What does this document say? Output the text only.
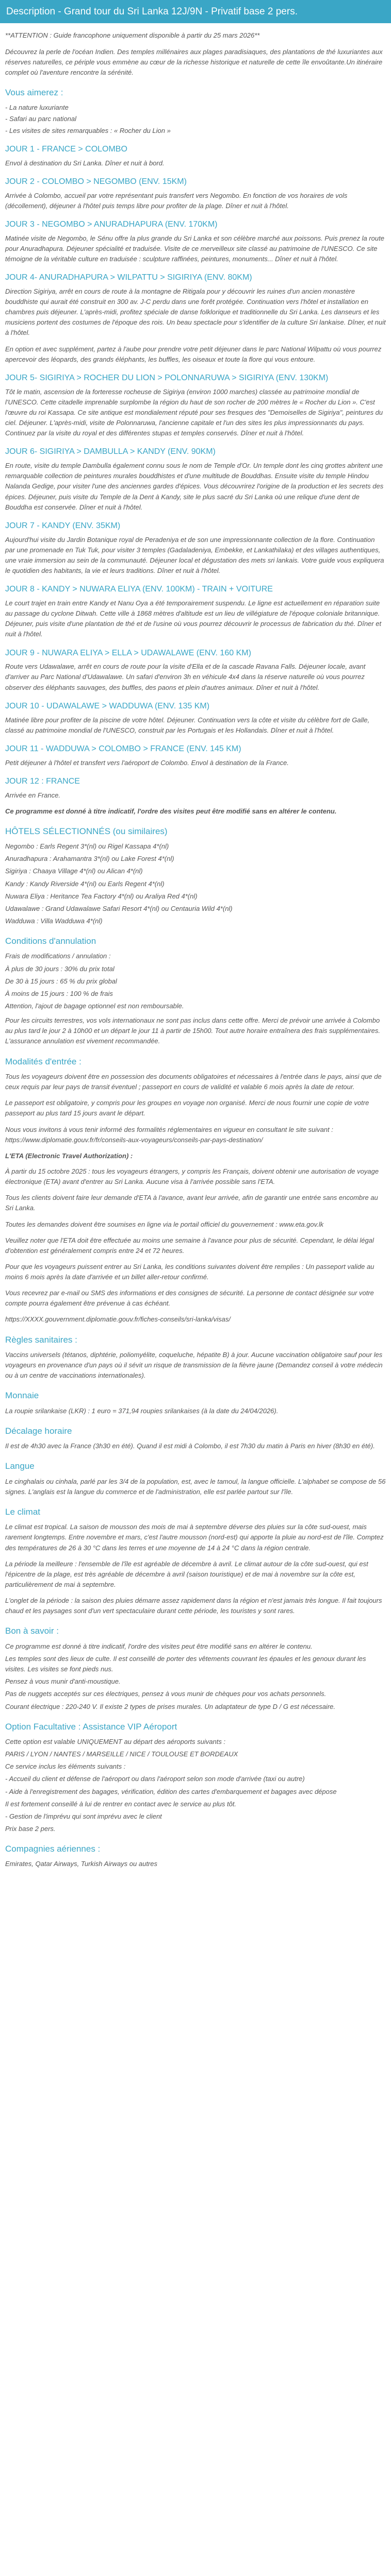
Description - Grand tour du Sri Lanka 12J/9N - Privatif base 2 pers.

**ATTENTION : Guide francophone uniquement disponible à partir du 25 mars 2026**

Découvrez la perle de l'océan Indien. Des temples millénaires aux plages paradisiaques, des plantations de thé luxuriantes aux réserves naturelles, ce périple vous emmène au cœur de la richesse historique et naturelle de cette île envoûtante.Un itinéraire complet où l'aventure rencontre la sérénité.

Vous aimerez :
- La nature luxuriante
- Safari au parc national
- Les visites de sites remarquables : « Rocher du Lion »
JOUR 1 - FRANCE > COLOMBO

Envol à destination du Sri Lanka. Dîner et nuit à bord.

JOUR 2 - COLOMBO > NEGOMBO (ENV. 15KM)

Arrivée à Colombo, accueil par votre représentant puis transfert vers Negombo. En fonction de vos horaires de vols (décollement), déjeuner à l'hôtel puis temps libre pour profiter de la plage. Dîner et nuit à l'hôtel.

JOUR 3 - NEGOMBO > ANURADHAPURA (ENV. 170KM)

Matinée visite de Negombo, le Sénu offre la plus grande du Sri Lanka et son célèbre marché aux poissons. Puis prenez la route pour Anuradhapura. Déjeuner spécialité et traduisée. Visite de ce merveilleux site classé au patrimoine de l'UNESCO. Ce site témoigne de la véritable culture en traduisée : sculpture raffinées, peintures, monuments... Dîner et nuit à l'hôtel.

JOUR 4- ANURADHAPURA > WILPATTU > SIGIRIYA (ENV. 80KM)

Direction Sigiriya, arrêt en cours de route à la montagne de Ritigala pour y découvrir les ruines d'un ancien monastère bouddhiste qui aurait été construit en 300 av. J-C perdu dans une forêt protégée. Continuation vers l'hôtel et installation en chambres puis déjeuner. L'après-midi, profitez spéciale de danse folklorique et traditionnelle du Sri Lanka. Les danseurs et les musiciens portent des costumes de l'époque des rois. Un beau spectacle pour s'identifier de la culture Sri lankaise. Dîner, et nuit à l'hôtel.

En option et avec supplément, partez à l'aube pour prendre votre petit déjeuner dans le parc National Wilpattu où vous pourrez apercevoir des léopards, des grands éléphants, les buffles, les oiseaux et toute la flore qui vous entoure.

JOUR 5- SIGIRIYA > ROCHER DU LION > POLONNARUWA > SIGIRIYA (ENV. 130KM)

Tôt le matin, ascension de la forteresse rocheuse de Sigiriya (environ 1000 marches) classée au patrimoine mondial de l'UNESCO. Cette citadelle imprenable surplombe la région du haut de son rocher de 200 mètres le « Rocher du Lion ». C'est l'œuvre du roi Kassapa. Ce site antique est mondialement réputé pour ses fresques des "Demoiselles de Sigiriya", peintures du ciel. Déjeuner. L'après-midi, visite de Polonnaruwa, l'ancienne capitale et l'un des sites les plus impressionnants du pays. Continuez par la visite du royal et des différentes stupas et temples conservés. Dîner et nuit à l'hôtel.

JOUR 6- SIGIRIYA > DAMBULLA > KANDY (ENV. 90KM)

En route, visite du temple Dambulla également connu sous le nom de Temple d'Or. Un temple dont les cinq grottes abritent une remarquable collection de peintures murales bouddhistes et d'une multitude de Bouddhas. Ensuite visite du temple Hindou Nalanda Gedige, pour visiter l'une des anciennes gardes d'épices. Vous découvrirez l'origine de la production et les secrets des épices. Déjeuner, puis visite du Temple de la Dent à Kandy, site le plus sacré du Sri Lanka où une relique d'une dent de Bouddha est conservée. Dîner et nuit à l'hôtel.

JOUR 7 - KANDY (ENV. 35KM)

Aujourd'hui visite du Jardin Botanique royal de Peradeniya et de son une impressionnante collection de la flore. Continuation par une promenade en Tuk Tuk, pour visiter 3 temples (Gadaladeniya, Embekke, et Lankathilaka) et des villages authentiques, une vraie immersion au sein de la communauté. Déjeuner local et dégustation des mets sri lankais. Votre guide vous expliquera le quotidien des habitants, la vie et leurs traditions. Dîner et nuit à l'hôtel.

JOUR 8 - KANDY > NUWARA ELIYA (ENV. 100KM) - TRAIN + VOITURE

Le court trajet en train entre Kandy et Nanu Oya a été temporairement suspendu. Le ligne est actuellement en réparation suite au passage du cyclone Ditwah. Cette ville à 1868 mètres d'altitude est un lieu de villégiature de l'époque coloniale britannique. Déjeuner, puis visite d'une plantation de thé et de l'usine où vous pourrez découvrir le processus de fabrication du thé. Dîner et nuit à l'hôtel.

JOUR 9 - NUWARA ELIYA > ELLA > UDAWALAWE (ENV. 160 KM)

Route vers Udawalawe, arrêt en cours de route pour la visite d'Ella et de la cascade Ravana Falls. Déjeuner locale, avant d'arriver au Parc National d'Udawalawe. Un safari d'environ 3h en véhicule 4x4 dans la réserve naturelle où vous pourrez observer des éléphants sauvages, des buffles, des paons et plein d'autres animaux. Dîner et nuit à l'hôtel.

JOUR 10 - UDAWALAWE > WADDUWA (ENV. 135 KM)

Matinée libre pour profiter de la piscine de votre hôtel. Déjeuner. Continuation vers la côte et visite du célèbre fort de Galle, classé au patrimoine mondial de l'UNESCO, construit par les Portugais et les Hollandais. Dîner et nuit à l'hôtel.

JOUR 11 - WADDUWA > COLOMBO > FRANCE (ENV. 145 KM)

Petit déjeuner à l'hôtel et transfert vers l'aéroport de Colombo. Envol à destination de la France.

JOUR 12 : FRANCE

Arrivée en France.

Ce programme est donné à titre indicatif, l'ordre des visites peut être modifié sans en altérer le contenu.

HÔTELS SÉLECTIONNÉS (ou similaires)
Negombo : Earls Regent 3*(nl) ou Rigel Kassapa 4*(nl)
Anuradhapura : Arahamantra 3*(nl) ou Lake Forest 4*(nl)
Sigiriya : Chaaya Village 4*(nl) ou Alican 4*(nl)
Kandy : Kandy Riverside 4*(nl) ou Earls Regent 4*(nl)
Nuwara Eliya : Heritance Tea Factory 4*(nl) ou Araliya Red 4*(nl)
Udawalawe : Grand Udawalawe Safari Resort 4*(nl) ou Centauria Wild 4*(nl)
Wadduwa : Villa Wadduwa 4*(nl)
Conditions d'annulation
Frais de modifications / annulation :
À plus de 30 jours : 30% du prix total
De 30 à 15 jours : 65 % du prix global
À moins de 15 jours : 100 % de frais
Attention, l'ajout de bagage optionnel est non remboursable.

Pour les circuits terrestres, vos vols internationaux ne sont pas inclus dans cette offre. Merci de prévoir une arrivée à Colombo au plus tard le jour 2 à 10h00 et un départ le jour 11 à partir de 15h00. Tout autre horaire entraînera des frais supplémentaires. L'assurance annulation est vivement recommandée.

Modalités d'entrée :

Tous les voyageurs doivent être en possession des documents obligatoires et nécessaires à l'entrée dans le pays, ainsi que de ceux requis par leur pays de transit éventuel ; passeport en cours de validité et valable 6 mois après la date de retour.

Le passeport est obligatoire, y compris pour les groupes en voyage non organisé. Merci de nous fournir une copie de votre passeport au plus tard 15 jours avant le départ.

Nous vous invitons à vous tenir informé des formalités réglementaires en vigueur en consultant le site suivant : https://www.diplomatie.gouv.fr/fr/conseils-aux-voyageurs/conseils-par-pays-destination/

L'ETA (Electronic Travel Authorization) :

À partir du 15 octobre 2025 : tous les voyageurs étrangers, y compris les Français, doivent obtenir une autorisation de voyage électronique (ETA) avant d'entrer au Sri Lanka. Aucune visa à l'arrivée possible sans l'ETA.

Tous les clients doivent faire leur demande d'ETA à l'avance, avant leur arrivée, afin de garantir une entrée sans encombre au Sri Lanka.

Toutes les demandes doivent être soumises en ligne via le portail officiel du gouvernement : www.eta.gov.lk

Veuillez noter que l'ETA doit être effectuée au moins une semaine à l'avance pour plus de sécurité. Cependant, le délai légal d'obtention est généralement compris entre 24 et 72 heures.

Pour que les voyageurs puissent entrer au Sri Lanka, les conditions suivantes doivent être remplies : Un passeport valide au moins 6 mois après la date d'arrivée et un billet aller-retour confirmé.

Vous recevrez par e-mail ou SMS des informations et des consignes de sécurité. La personne de contact désignée sur votre compte pourra également être prévenue à cas échéant.

https://XXXX.gouvernment.diplomatie.gouv.fr/fiches-conseils/sri-lanka/visas/

Règles sanitaires :

Vaccins universels (tétanos, diphtérie, poliomyélite, coqueluche, hépatite B) à jour. Aucune vaccination obligatoire sauf pour les voyageurs en provenance d'un pays où il sévit un risque de transmission de la fièvre jaune (Demandez conseil à votre médecin ou à un centre de vaccinations internationales).

Monnaie

La roupie srilankaise (LKR) : 1 euro = 371,94 roupies srilankaises (à la date du 24/04/2026).

Décalage horaire

Il est de 4h30 avec la France (3h30 en été). Quand il est midi à Colombo, il est 7h30 du matin à Paris en hiver (8h30 en été).

Langue

Le cinghalais ou cinhala, parlé par les 3/4 de la population, est, avec le tamoul, la langue officielle. L'alphabet se compose de 56 signes. L'anglais est la langue du commerce et de l'administration, elle est parlée partout sur l'île.

Le climat

Le climat est tropical. La saison de mousson des mois de mai à septembre déverse des pluies sur la côte sud-ouest, mais rarement longtemps. Entre novembre et mars, c'est l'autre mousson (nord-est) qui apporte la pluie au nord-est de l'île. Comptez des températures de 26 à 30 °C dans les terres et une moyenne de 14 à 24 °C dans la région centrale.

La période la meilleure : l'ensemble de l'île est agréable de décembre à avril. Le climat autour de la côte sud-ouest, qui est l'épicentre de la plage, est très agréable de décembre à avril (saison touristique) et de mai à novembre sur la côte est, particulièrement de mai à septembre.

L'onglet de la période : la saison des pluies démarre assez rapidement dans la région et n'est jamais très longue. Il fait toujours chaud et les paysages sont d'un vert spectaculaire durant cette période, les touristes y sont rares.

Bon à savoir :
Ce programme est donné à titre indicatif, l'ordre des visites peut être modifié sans en altérer le contenu.
Les temples sont des lieux de culte. Il est conseillé de porter des vêtements couvrant les épaules et les genoux durant les visites. Les visites se font pieds nus.
Pensez à vous munir d'anti-moustique.
Pas de nuggets acceptés sur ces électriques, pensez à vous munir de chèques pour vos achats personnels.
Courant électrique : 220-240 V. Il existe 2 types de prises murales. Un adaptateur de type D / G est nécessaire.
Option Facultative : Assistance VIP Aéroport
Cette option est valable UNIQUEMENT au départ des aéroports suivants :
PARIS / LYON / NANTES / MARSEILLE / NICE / TOULOUSE ET BORDEAUX
Ce service inclus les éléments suivants :
- Accueil du client et défense de l'aéroport ou dans l'aéroport selon son mode d'arrivée (taxi ou autre)
- Aide à l'enregistrement des bagages, vérification, édition des cartes d'embarquement et bagages avec dépose
Il est fortement conseillé à lui de rentrer en contact avec le service au plus tôt.
- Gestion de l'imprévu qui sont imprévu avec le client
Prix base 2 pers.
Compagnies aériennes :

Emirates, Qatar Airways, Turkish Airways ou autres
